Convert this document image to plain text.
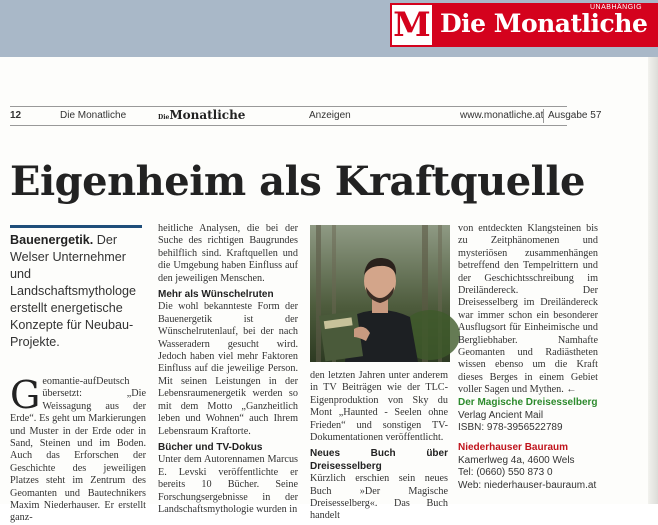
M Die Monatliche
UNABHÄNGIG
12	Die Monatliche	DieMonatliche	Anzeigen	www.monatliche.at Ausgabe 57
Eigenheim als Kraftquelle
Bauenergetik. Der Welser Unternehmer und Landschaftsmythologe erstellt energetische Konzepte für Neubau-Projekte.
Geomantie-aufDeutsch übersetzt: „Die Weissagung aus der Erde“. Es geht um Markierungen und Muster in der Erde oder in Sand, Steinen und im Boden. Auch das Erforschen der Geschichte des jeweiligen Platzes steht im Zentrum des Geomanten und Bautechnikers Maxim Niederhauser. Er erstellt ganz-

heitliche Analysen, die bei der Suche des richtigen Baugrundes behilflich sind. Kraftquellen und die Umgebung haben Einfluss auf den jeweiligen Menschen.

Mehr als Wünschelruten

Die wohl bekannteste Form der Bauenergetik ist der Wünschelrutenlauf, bei der nach Wasseradern gesucht wird. Jedoch haben viel mehr Faktoren Einfluss auf die jeweilige Person. Mit seinen Leistungen in der Lebensraumenergetik werden so mit dem Motto „Ganzheitlich leben und Wohnen“ auch Ihrem Lebensraum Kraftorte.

Bücher und TV-Dokus

Unter dem Autorennamen Marcus E. Levski veröffentlichte er bereits 10 Bücher. Seine Forschungsergebnisse in der Landschaftsmythologie wurden in

den letzten Jahren unter anderem in TV Beiträgen wie der TLC-Eigenproduktion von Sky du Mont „Haunted - Seelen ohne Frieden“ und sonstigen TV-Dokumentationen veröffentlicht.

Neues Buch über Dreisesselberg

Kürzlich erschien sein neues Buch »Der Magische Dreisesselberg«. Das Buch handelt

von entdeckten Klangsteinen bis zu Zeitphänomenen und mysteriösen zusammenhängen betreffend den Tempelrittern und der Geschichtsschreibung im Dreiländereck. Der Dreisesselberg im Dreiländereck war immer schon ein besonderer Ausflugsort für Einheimische und Bergliebhaber. Namhafte Geomanten und Radiästheten wissen ebenso um die Kraft dieses Berges in einem Gebiet voller Sagen und Mythen. ←

Der Magische Dreisesselberg
Verlag Ancient Mail
ISBN: 978-3956522789
Niederhauser Bauraum
Kamerlweg 4a, 4600 Wels
Tel: (0660) 550 873 0
Web: niederhauser-bauraum.at
